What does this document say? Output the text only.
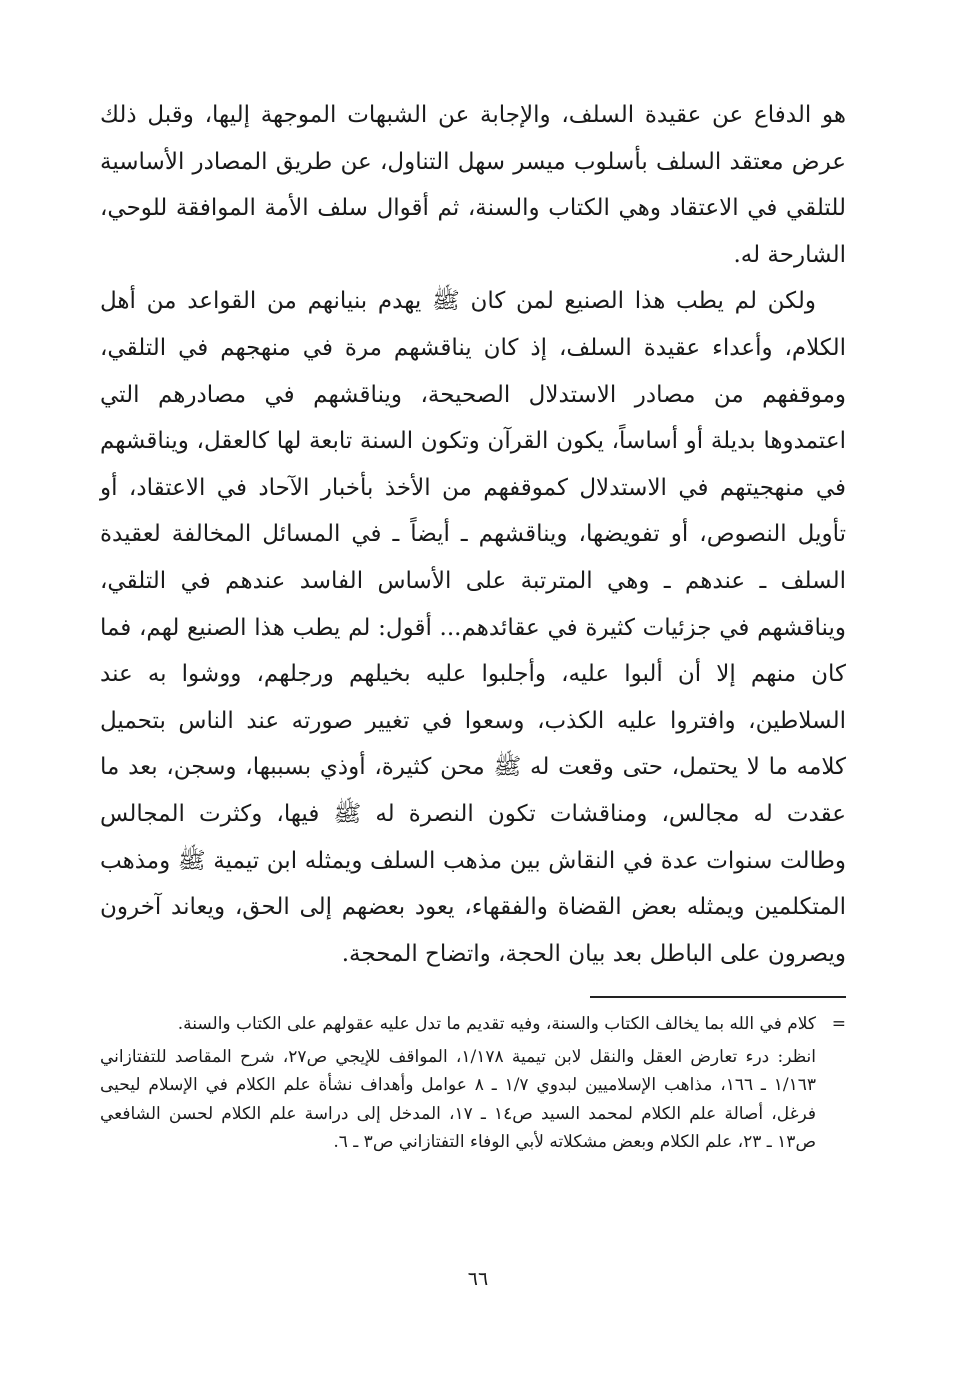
هو الدفاع عن عقيدة السلف، والإجابة عن الشبهات الموجهة إليها، وقبل ذلك عرض معتقد السلف بأسلوب ميسر سهل التناول، عن طريق المصادر الأساسية للتلقي في الاعتقاد وهي الكتاب والسنة، ثم أقوال سلف الأمة الموافقة للوحي، الشارحة له.

ولكن لم يطب هذا الصنيع لمن كان ﷺ يهدم بنيانهم من القواعد من أهل الكلام، وأعداء عقيدة السلف، إذ كان يناقشهم مرة في منهجهم في التلقي، وموقفهم من مصادر الاستدلال الصحيحة، ويناقشهم في مصادرهم التي اعتمدوها بديلة أو أساساً، يكون القرآن وتكون السنة تابعة لها كالعقل، ويناقشهم في منهجيتهم في الاستدلال كموقفهم من الأخذ بأخبار الآحاد في الاعتقاد، أو تأويل النصوص، أو تفويضها، ويناقشهم ـ أيضاً ـ في المسائل المخالفة لعقيدة السلف ـ عندهم ـ وهي المترتبة على الأساس الفاسد عندهم في التلقي، ويناقشهم في جزئيات كثيرة في عقائدهم... أقول: لم يطب هذا الصنيع لهم، فما كان منهم إلا أن ألبوا عليه، وأجلبوا عليه بخيلهم ورجلهم، ووشوا به عند السلاطين، وافتروا عليه الكذب، وسعوا في تغيير صورته عند الناس بتحميل كلامه ما لا يحتمل، حتى وقعت له ﷺ محن كثيرة، أوذي بسببها، وسجن، بعد ما عقدت له مجالس، ومناقشات تكون النصرة له ﷺ فيها، وكثرت المجالس وطالت سنوات عدة في النقاش بين مذهب السلف ويمثله ابن تيمية ﷺ ومذهب المتكلمين ويمثله بعض القضاة والفقهاء، يعود بعضهم إلى الحق، ويعاند آخرون ويصرون على الباطل بعد بيان الحجة، واتضاح المحجة.

=
كلام في الله بما يخالف الكتاب والسنة، وفيه تقديم ما تدل عليه عقولهم على الكتاب والسنة.

انظر: درء تعارض العقل والنقل لابن تيمية ١/١٧٨، المواقف للإيجي ص٢٧، شرح المقاصد للتفتازاني ١/١٦٣ ـ ١٦٦، مذاهب الإسلاميين لبدوي ١/٧ ـ ٨ عوامل وأهداف نشأة علم الكلام في الإسلام ليحيى فرغل، أصالة علم الكلام لمحمد السيد ص١٤ ـ ١٧، المدخل إلى دراسة علم الكلام لحسن الشافعي ص١٣ ـ ٢٣، علم الكلام وبعض مشكلاته لأبي الوفاء التفتازاني ص٣ ـ ٦.

٦٦
